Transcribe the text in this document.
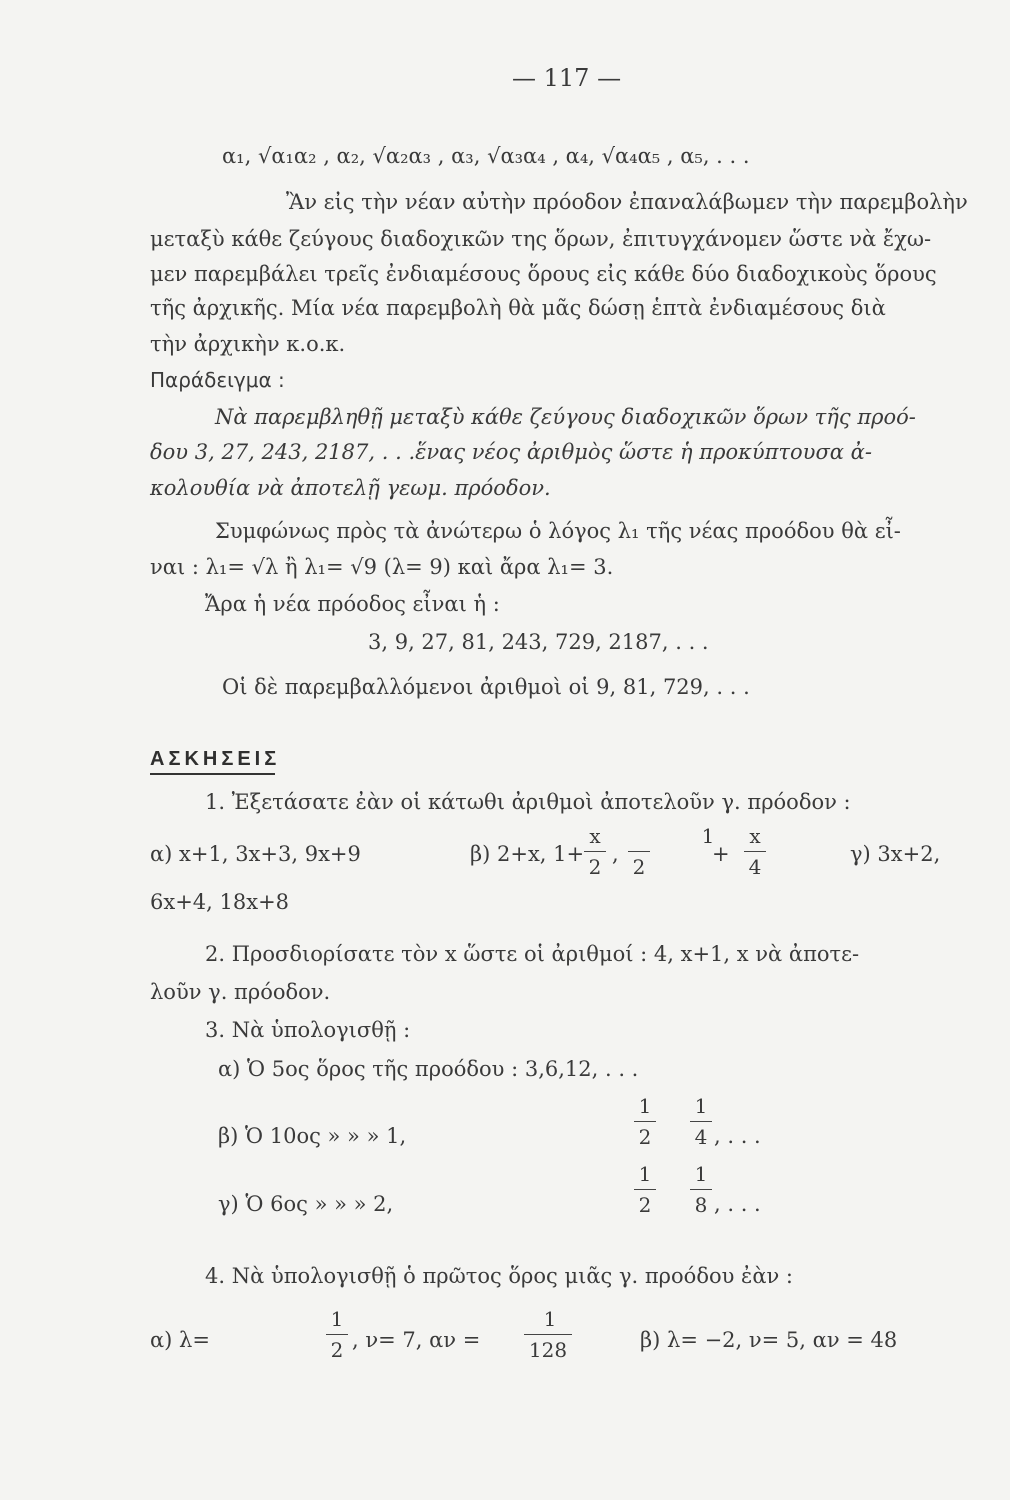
— 117 —
α₁, √α₁α₂ , α₂, √α₂α₃ , α₃, √α₃α₄ , α₄, √α₄α₅ , α₅, . . .
Ἂν εἰς τὴν νέαν αὐτὴν πρόοδον ἐπαναλάβωμεν τὴν παρεμβολὴν
μεταξὺ κάθε ζεύγους διαδοχικῶν της ὅρων, ἐπιτυγχάνομεν ὥστε νὰ ἔχω-
μεν παρεμβάλει τρεῖς ἐνδιαμέσους ὅρους εἰς κάθε δύο διαδοχικοὺς ὅρους
τῆς ἀρχικῆς. Μία νέα παρεμβολὴ θὰ μᾶς δώσῃ ἑπτὰ ἐνδιαμέσους διὰ
τὴν ἀρχικὴν κ.ο.κ.
Παράδειγμα :
Νὰ παρεμβληθῇ μεταξὺ κάθε ζεύγους διαδοχικῶν ὅρων τῆς προό-
δου 3, 27, 243, 2187, . . .ἕνας νέος ἀριθμὸς ὥστε ἡ προκύπτουσα ἀ-
κολουθία νὰ ἀποτελῇ γεωμ. πρόοδον.
Συμφώνως πρὸς τὰ ἀνώτερω ὁ λόγος λ₁ τῆς νέας προόδου θὰ εἶ-
ναι : λ₁= √λ ἢ λ₁= √9 (λ= 9) καὶ ἄρα λ₁= 3.
Ἄρα ἡ νέα πρόοδος εἶναι ἡ :
3, 9, 27, 81, 243, 729, 2187, . . .
Οἱ δὲ παρεμβαλλόμενοι ἀριθμοὶ οἱ 9, 81, 729, . . .
ΑΣΚΗΣΕΙΣ
1. Ἐξετάσατε ἐὰν οἱ κάτωθι ἀριθμοὶ ἀποτελοῦν γ. πρόοδον :
α) x+1, 3x+3, 9x+9	β) 2+x, 1+
x
2
,
1
2
+
x
4
γ) 3x+2,
6x+4, 18x+8
2. Προσδιορίσατε τὸν x ὥστε οἱ ἀριθμοί : 4, x+1, x νὰ ἀποτε-
λοῦν γ. πρόοδον.
3. Νὰ ὑπολογισθῇ :
α) Ὁ 5ος ὅρος τῆς προόδου : 3,6,12, . . .
β) Ὁ 10ος » » » 1,
1
2
1
4 , . . .
γ) Ὁ 6ος » » » 2,
1
2
1
8 , . . .
4. Νὰ ὑπολογισθῇ ὁ πρῶτος ὅρος μιᾶς γ. προόδου ἐὰν :
α) λ=
1
2 , ν= 7, αν =
1
128	β) λ= −2, ν= 5, αν = 48
